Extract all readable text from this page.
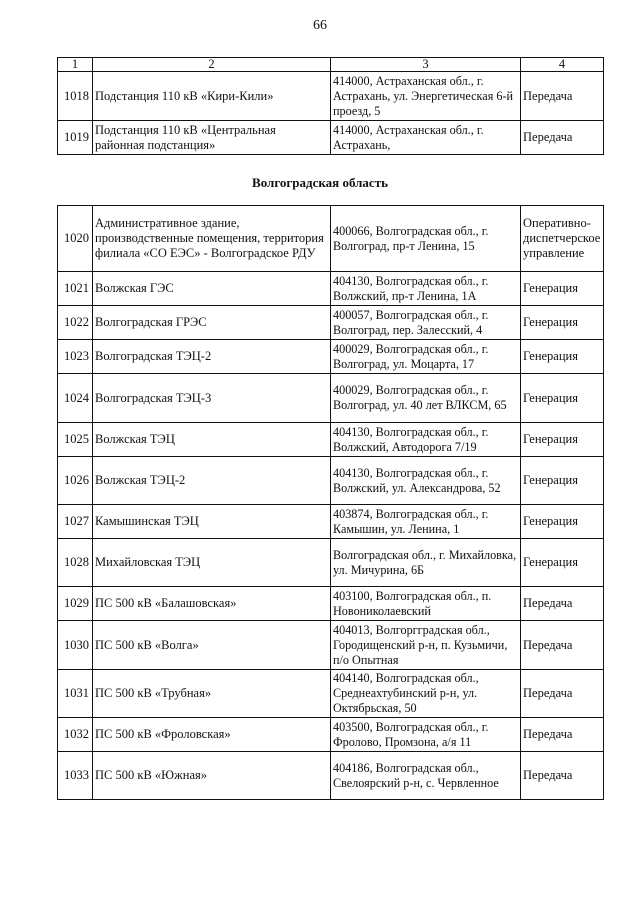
66
1	2	3	4
1018	Подстанция 110 кВ «Кири-Кили»	414000, Астраханская обл., г. Астрахань, ул. Энергетическая 6-й проезд, 5	Передача
1019	Подстанция 110 кВ «Центральная районная подстанция»	414000, Астраханская обл., г. Астрахань,	Передача
Волгоградская область
1020	Административное здание, производственные помещения, территория филиала «СО ЕЭС» - Волгоградское РДУ	400066, Волгоградская обл., г. Волгоград, пр-т Ленина, 15	Оперативно-диспетчерское управление
1021	Волжская ГЭС	404130, Волгоградская обл., г. Волжский, пр-т Ленина, 1А	Генерация
1022	Волгоградская ГРЭС	400057, Волгоградская обл., г. Волгоград, пер. Залесский, 4	Генерация
1023	Волгоградская ТЭЦ-2	400029, Волгоградская обл., г. Волгоград, ул. Моцарта, 17	Генерация
1024	Волгоградская ТЭЦ-3	400029, Волгоградская обл., г. Волгоград, ул. 40 лет ВЛКСМ, 65	Генерация
1025	Волжская ТЭЦ	404130, Волгоградская обл., г. Волжский, Автодорога 7/19	Генерация
1026	Волжская ТЭЦ-2	404130, Волгоградская обл., г. Волжский, ул. Александрова, 52	Генерация
1027	Камышинская ТЭЦ	403874, Волгоградская обл., г. Камышин, ул. Ленина, 1	Генерация
1028	Михайловская ТЭЦ	Волгоградская обл., г. Михайловка, ул. Мичурина, 6Б	Генерация
1029	ПС 500 кВ «Балашовская»	403100, Волгоградская обл., п. Новониколаевский	Передача
1030	ПС 500 кВ «Волга»	404013, Волгоргградская обл., Городищенский р-н, п. Кузьмичи, п/о Опытная	Передача
1031	ПС 500 кВ «Трубная»	404140, Волгоградская обл., Среднеахтубинский р-н, ул. Октябрьская, 50	Передача
1032	ПС 500 кВ «Фроловская»	403500, Волгоградская обл., г. Фролово, Промзона, а/я 11	Передача
1033	ПС 500 кВ «Южная»	404186, Волгоградская обл., Свелоярский р-н, с. Червленное	Передача
